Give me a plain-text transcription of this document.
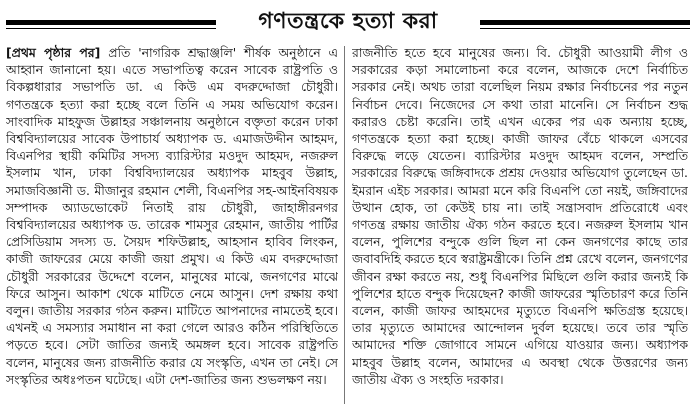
গণতন্ত্রকে হত্যা করা

[প্রথম পৃষ্ঠার পর] প্রতি 'নাগরিক শ্রদ্ধাঞ্জলি' শীর্ষক অনুষ্ঠানে এ আহ্বান জানানো হয়। এতে সভাপতিত্ব করেন সাবেক রাষ্ট্রপতি ও বিকল্পধারার সভাপতি ডা. এ কিউ এম বদরুদ্দোজা চৌধুরী। গণতন্ত্রকে হত্যা করা হচ্ছে বলে তিনি এ সময় অভিযোগ করেন। সাংবাদিক মাহফুজ উল্লাহর সঞ্চালনায় অনুষ্ঠানে বক্তৃতা করেন ঢাকা বিশ্ববিদ্যালয়ের সাবেক উপাচার্য অধ্যাপক ড. এমাজউদ্দীন আহমদ, বিএনপির স্থায়ী কমিটির সদস্য ব্যারিস্টার মওদুদ আহমদ, নজরুল ইসলাম খান, ঢাকা বিশ্ববিদ্যালয়ের অধ্যাপক মাহবুব উল্লাহ, সমাজবিজ্ঞানী ড. মীজানুর রহমান শেলী, বিএনপির সহ-আইনবিষয়ক সম্পাদক অ্যাডভোকেট নিতাই রায় চৌধুরী, জাহাঙ্গীরনগর বিশ্ববিদ্যালয়ের অধ্যাপক ড. তারেক শামসুর রেহমান, জাতীয় পার্টির প্রেসিডিয়াম সদস্য ড. সৈয়দ শফিউল্লাহ, আহসান হাবিব লিংকন, কাজী জাফরের মেয়ে কাজী জয়া প্রমুখ। এ কিউ এম বদরুদ্দোজা চৌধুরী সরকারের উদ্দেশে বলেন, মানুষের মাঝে, জনগণের মাঝে ফিরে আসুন। আকাশ থেকে মাটিতে নেমে আসুন। দেশ রক্ষায় কথা বলুন। জাতীয় সরকার গঠন করুন। মাটিতে আপনাদের নামতেই হবে। এখনই এ সমস্যার সমাধান না করা গেলে আরও কঠিন পরিস্থিতিতে পড়তে হবে। সেটা জাতির জন্যই অমঙ্গল হবে। সাবেক রাষ্ট্রপতি বলেন, মানুষের জন্য রাজনীতি করার যে সংস্কৃতি, এখন তা নেই। সে সংস্কৃতির অধঃপতন ঘটেছে। এটা দেশ-জাতির জন্য শুভলক্ষণ নয়।

রাজনীতি হতে হবে মানুষের জন্য। বি. চৌধুরী আওয়ামী লীগ ও সরকারের কড়া সমালোচনা করে বলেন, আজকে দেশে নির্বাচিত সরকার নেই। অথচ তারা বলেছিল নিয়ম রক্ষার নির্বাচনের পর নতুন নির্বাচন দেবে। নিজেদের সে কথা তারা মানেনি। সে নির্বাচন শুদ্ধ করারও চেষ্টা করেনি। তাই এখন একের পর এক অন্যায় হচ্ছে, গণতন্ত্রকে হত্যা করা হচ্ছে। কাজী জাফর বেঁচে থাকলে এসবের বিরুদ্ধে লড়ে যেতেন। ব্যারিস্টার মওদুদ আহমদ বলেন, সম্প্রতি সরকারের বিরুদ্ধে জঙ্গিবাদকে প্রশ্রয় দেওয়ার অভিযোগ তুলেছেন ডা. ইমরান এইচ সরকার। আমরা মনে করি বিএনপি তো নয়ই, জঙ্গিবাদের উত্থান হোক, তা কেউই চায় না। তাই সন্ত্রাসবাদ প্রতিরোধে এবং গণতন্ত্র রক্ষায় জাতীয় ঐক্য গঠন করতে হবে। নজরুল ইসলাম খান বলেন, পুলিশের বন্দুকে গুলি ছিল না কেন জনগণের কাছে তার জবাবদিহি করতে হবে স্বরাষ্ট্রমন্ত্রীকে। তিনি প্রশ্ন রেখে বলেন, জনগণের জীবন রক্ষা করতে নয়, শুধু বিএনপির মিছিলে গুলি করার জন্যই কি পুলিশের হাতে বন্দুক দিয়েছেন? কাজী জাফরের স্মৃতিচারণ করে তিনি বলেন, কাজী জাফর আহমদের মৃত্যুতে বিএনপি ক্ষতিগ্রস্ত হয়েছে। তার মৃত্যুতে আমাদের আন্দোলন দুর্বল হয়েছে। তবে তার স্মৃতি আমাদের শক্তি জোগাবে সামনে এগিয়ে যাওয়ার জন্য। অধ্যাপক মাহবুব উল্লাহ বলেন, আমাদের এ অবস্থা থেকে উত্তরণের জন্য জাতীয় ঐক্য ও সংহতি দরকার।
